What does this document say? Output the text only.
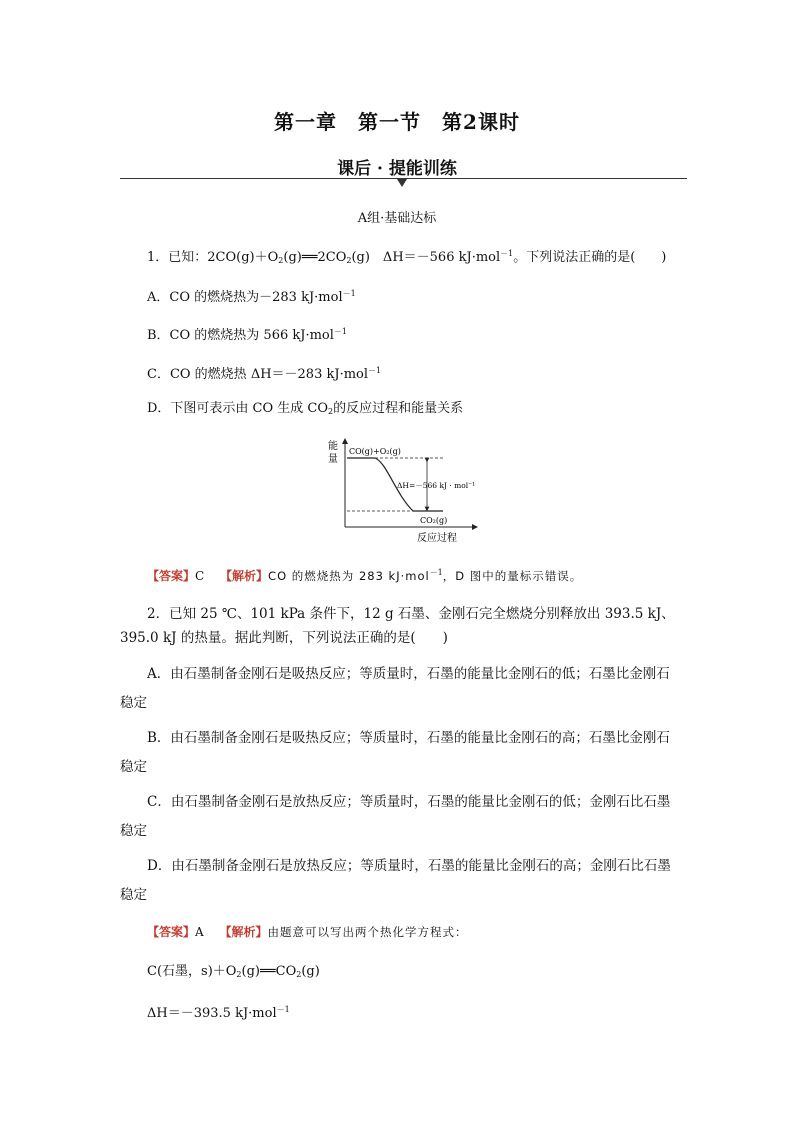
第一章　第一节　第2课时
课后 · 提能训练
A组·基础达标
1．已知：$2CO(g)+O_2(g)══2CO_2(g)$　ΔH＝－566 kJ·mol$^{-1}$。下列说法正确的是(　　)
A．CO 的燃烧热为－283 kJ·mol$^{-1}$
B．CO 的燃烧热为 566 kJ·mol$^{-1}$
C．CO 的燃烧热 ΔH＝－283 kJ·mol$^{-1}$
D．下图可表示由 CO 生成 $CO_2$的反应过程和能量关系
能
量
CO(g)+O₂(g)
CO₂(g)
ΔH=－566 kJ · mol⁻¹
反应过程
【答案】C　 【解析】CO 的燃烧热为 283 kJ·mol$^{-1}$，D 图中的量标示错误。
2．已知 25 ℃、101 kPa 条件下，12 g 石墨、金刚石完全燃烧分别释放出 393.5 kJ、
395.0 kJ 的热量。据此判断，下列说法正确的是(　　)
A．由石墨制备金刚石是吸热反应；等质量时，石墨的能量比金刚石的低；石墨比金刚石稳定
B．由石墨制备金刚石是吸热反应；等质量时，石墨的能量比金刚石的高；石墨比金刚石稳定
C．由石墨制备金刚石是放热反应；等质量时，石墨的能量比金刚石的低；金刚石比石墨稳定
D．由石墨制备金刚石是放热反应；等质量时，石墨的能量比金刚石的高；金刚石比石墨稳定
【答案】A　 【解析】由题意可以写出两个热化学方程式：
C(石墨，$s)+O_2(g)══CO_2(g)$
ΔH＝－393.5 kJ·mol$^{-1}$
